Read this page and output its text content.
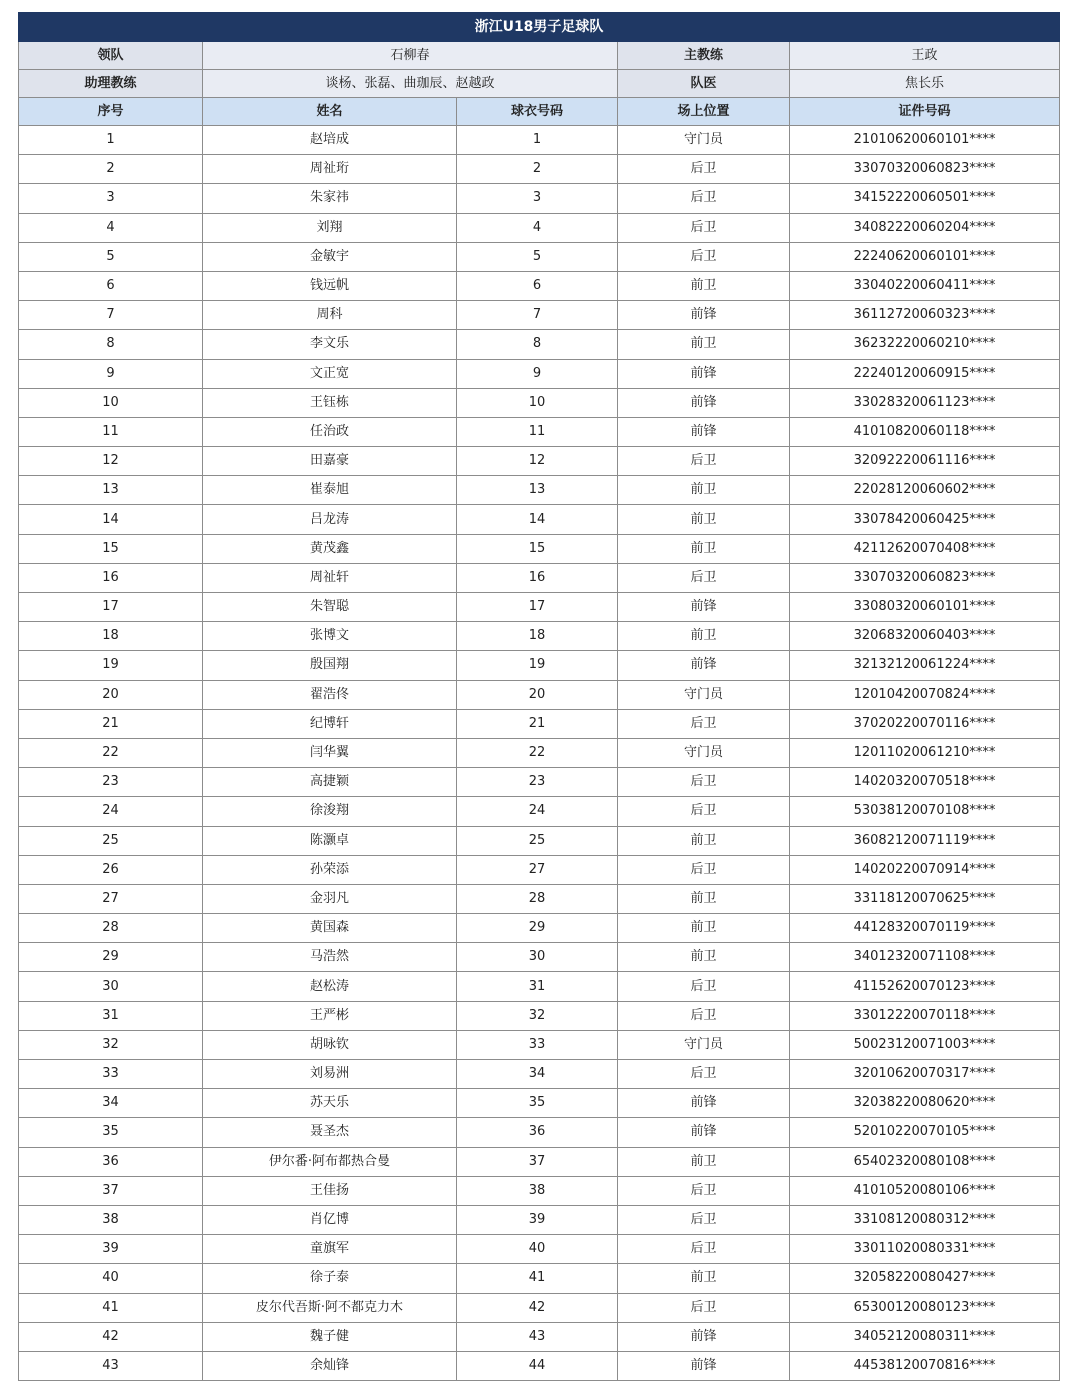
浙江U18男子足球队				
领队	石柳春		主教练	王政
助理教练	谈杨、张磊、曲珈辰、赵越政		队医	焦长乐
序号	姓名	球衣号码	场上位置	证件号码
1	赵培成	1	守门员	21010620060101****
2	周祉珩	2	后卫	33070320060823****
3	朱家祎	3	后卫	34152220060501****
4	刘翔	4	后卫	34082220060204****
5	金敏宇	5	后卫	22240620060101****
6	钱远帆	6	前卫	33040220060411****
7	周科	7	前锋	36112720060323****
8	李文乐	8	前卫	36232220060210****
9	文正宽	9	前锋	22240120060915****
10	王钰栋	10	前锋	33028320061123****
11	任治政	11	前锋	41010820060118****
12	田嘉豪	12	后卫	32092220061116****
13	崔泰旭	13	前卫	22028120060602****
14	吕龙涛	14	前卫	33078420060425****
15	黄茂鑫	15	前卫	42112620070408****
16	周祉轩	16	后卫	33070320060823****
17	朱智聪	17	前锋	33080320060101****
18	张博文	18	前卫	32068320060403****
19	殷国翔	19	前锋	32132120061224****
20	翟浩佟	20	守门员	12010420070824****
21	纪博轩	21	后卫	37020220070116****
22	闫华翼	22	守门员	12011020061210****
23	高捷颖	23	后卫	14020320070518****
24	徐浚翔	24	后卫	53038120070108****
25	陈灏卓	25	前卫	36082120071119****
26	孙荣添	27	后卫	14020220070914****
27	金羽凡	28	前卫	33118120070625****
28	黄国森	29	前卫	44128320070119****
29	马浩然	30	前卫	34012320071108****
30	赵松涛	31	后卫	41152620070123****
31	王严彬	32	后卫	33012220070118****
32	胡咏钦	33	守门员	50023120071003****
33	刘易洲	34	后卫	32010620070317****
34	苏天乐	35	前锋	32038220080620****
35	聂圣杰	36	前锋	52010220070105****
36	伊尔番·阿布都热合曼	37	前卫	65402320080108****
37	王佳扬	38	后卫	41010520080106****
38	肖亿博	39	后卫	33108120080312****
39	童旗军	40	后卫	33011020080331****
40	徐子泰	41	前卫	32058220080427****
41	皮尔代吾斯·阿不都克力木	42	后卫	65300120080123****
42	魏子健	43	前锋	34052120080311****
43	余灿锋	44	前锋	44538120070816****
